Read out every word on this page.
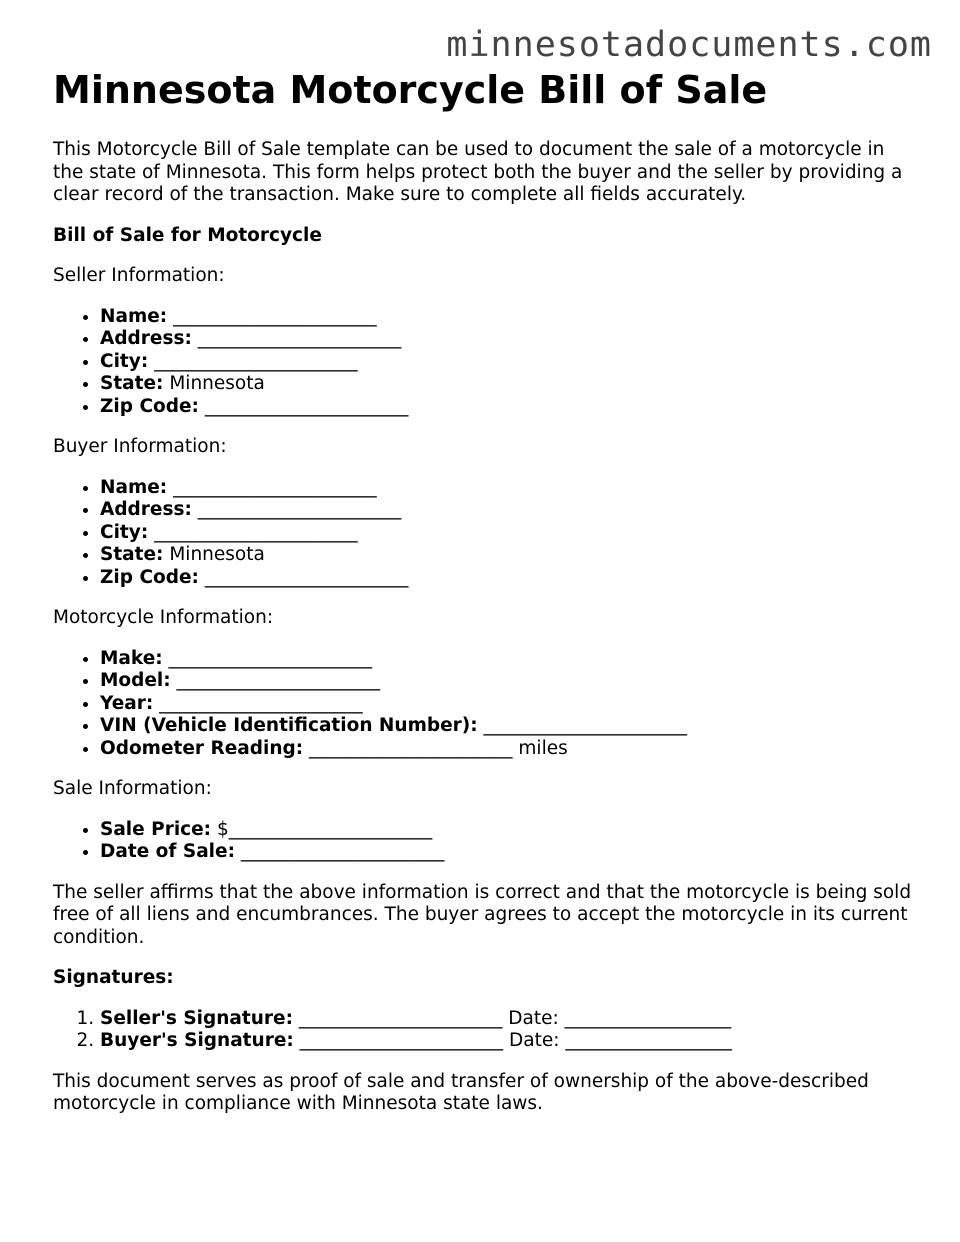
minnesotadocuments.com
Minnesota Motorcycle Bill of Sale

This Motorcycle Bill of Sale template can be used to document the sale of a motorcycle in the state of Minnesota. This form helps protect both the buyer and the seller by providing a clear record of the transaction. Make sure to complete all fields accurately.

Bill of Sale for Motorcycle

Seller Information:

• Name: ______________________
• Address: ______________________
• City: ______________________
• State: Minnesota
• Zip Code: ______________________

Buyer Information:

• Name: ______________________
• Address: ______________________
• City: ______________________
• State: Minnesota
• Zip Code: ______________________

Motorcycle Information:

• Make: ______________________
• Model: ______________________
• Year: ______________________
• VIN (Vehicle Identification Number): ______________________
• Odometer Reading: ______________________ miles

Sale Information:

• Sale Price: $______________________
• Date of Sale: ______________________

The seller affirms that the above information is correct and that the motorcycle is being sold free of all liens and encumbrances. The buyer agrees to accept the motorcycle in its current condition.

Signatures:

1. Seller's Signature: ______________________ Date: __________________
2. Buyer's Signature: ______________________ Date: __________________

This document serves as proof of sale and transfer of ownership of the above-described motorcycle in compliance with Minnesota state laws.
